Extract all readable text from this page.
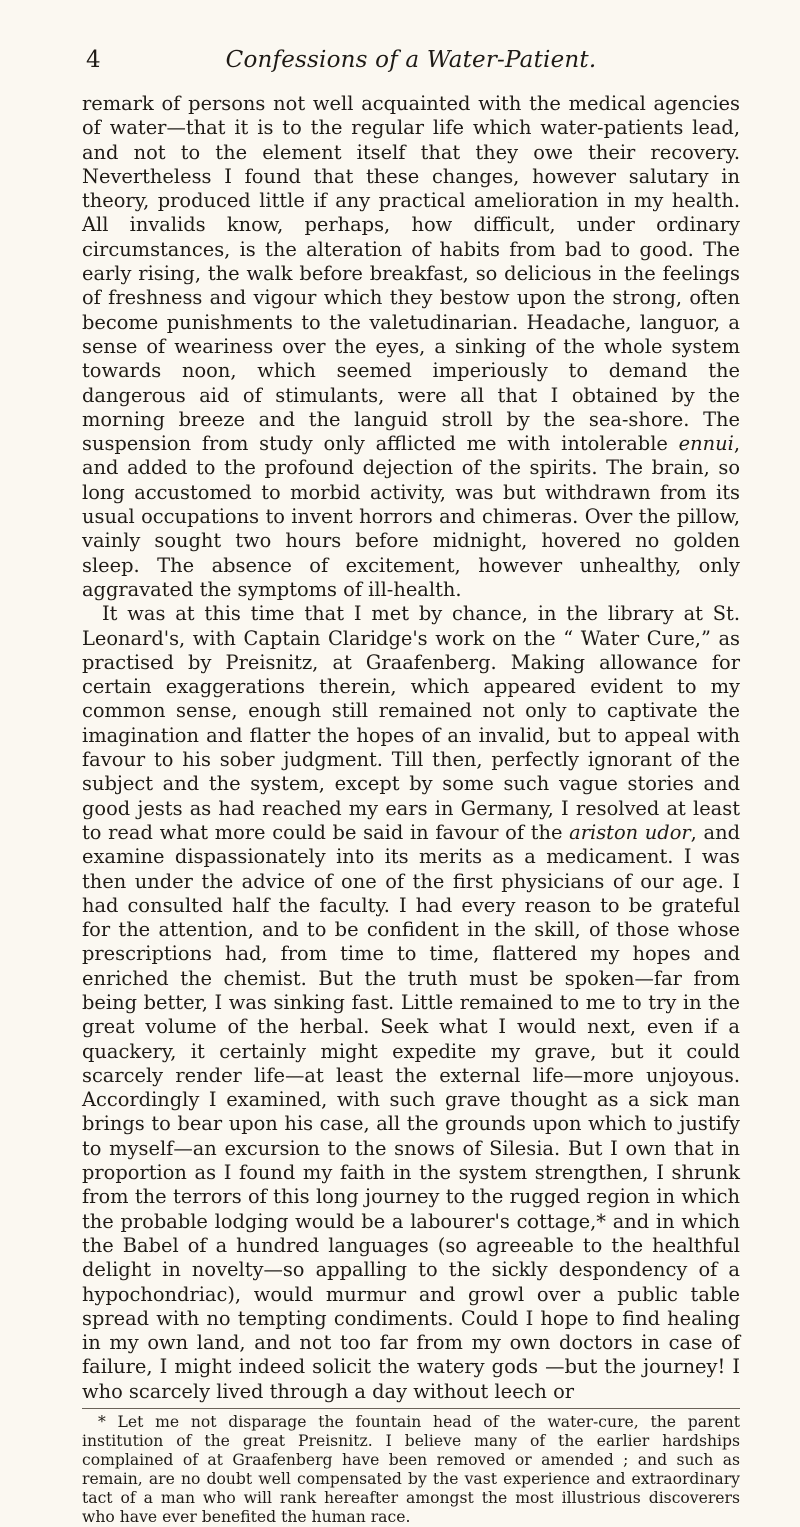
4	Confessions of a Water-Patient.

remark of persons not well acquainted with the medical agencies of water—that it is to the regular life which water-patients lead, and not to the element itself that they owe their recovery. Nevertheless I found that these changes, however salutary in theory, produced little if any practical amelioration in my health. All invalids know, perhaps, how difficult, under ordinary circumstances, is the alteration of habits from bad to good. The early rising, the walk before breakfast, so delicious in the feelings of freshness and vigour which they bestow upon the strong, often become punishments to the valetudinarian. Headache, languor, a sense of weariness over the eyes, a sinking of the whole system towards noon, which seemed imperiously to demand the dangerous aid of stimulants, were all that I obtained by the morning breeze and the languid stroll by the sea-shore. The suspension from study only afflicted me with intolerable ennui, and added to the profound dejection of the spirits. The brain, so long accustomed to morbid activity, was but withdrawn from its usual occupations to invent horrors and chimeras. Over the pillow, vainly sought two hours before midnight, hovered no golden sleep. The absence of excitement, however unhealthy, only aggravated the symptoms of ill-health.

It was at this time that I met by chance, in the library at St. Leonard's, with Captain Claridge's work on the “ Water Cure,” as practised by Preisnitz, at Graafenberg. Making allowance for certain exaggerations therein, which appeared evident to my common sense, enough still remained not only to captivate the imagination and flatter the hopes of an invalid, but to appeal with favour to his sober judgment. Till then, perfectly ignorant of the subject and the system, except by some such vague stories and good jests as had reached my ears in Germany, I resolved at least to read what more could be said in favour of the ariston udor, and examine dispassionately into its merits as a medicament. I was then under the advice of one of the first physicians of our age. I had consulted half the faculty. I had every reason to be grateful for the attention, and to be confident in the skill, of those whose prescriptions had, from time to time, flattered my hopes and enriched the chemist. But the truth must be spoken—far from being better, I was sinking fast. Little remained to me to try in the great volume of the herbal. Seek what I would next, even if a quackery, it certainly might expedite my grave, but it could scarcely render life—at least the external life—more unjoyous. Accordingly I examined, with such grave thought as a sick man brings to bear upon his case, all the grounds upon which to justify to myself—an excursion to the snows of Silesia. But I own that in proportion as I found my faith in the system strengthen, I shrunk from the terrors of this long journey to the rugged region in which the probable lodging would be a labourer's cottage,* and in which the Babel of a hundred languages (so agreeable to the healthful delight in novelty—so appalling to the sickly despondency of a hypochondriac), would murmur and growl over a public table spread with no tempting condiments. Could I hope to find healing in my own land, and not too far from my own doctors in case of failure, I might indeed solicit the watery gods —but the journey! I who scarcely lived through a day without leech or

* Let me not disparage the fountain head of the water-cure, the parent institution of the great Preisnitz. I believe many of the earlier hardships complained of at Graafenberg have been removed or amended ; and such as remain, are no doubt well compensated by the vast experience and extraordinary tact of a man who will rank hereafter amongst the most illustrious discoverers who have ever benefited the human race.
